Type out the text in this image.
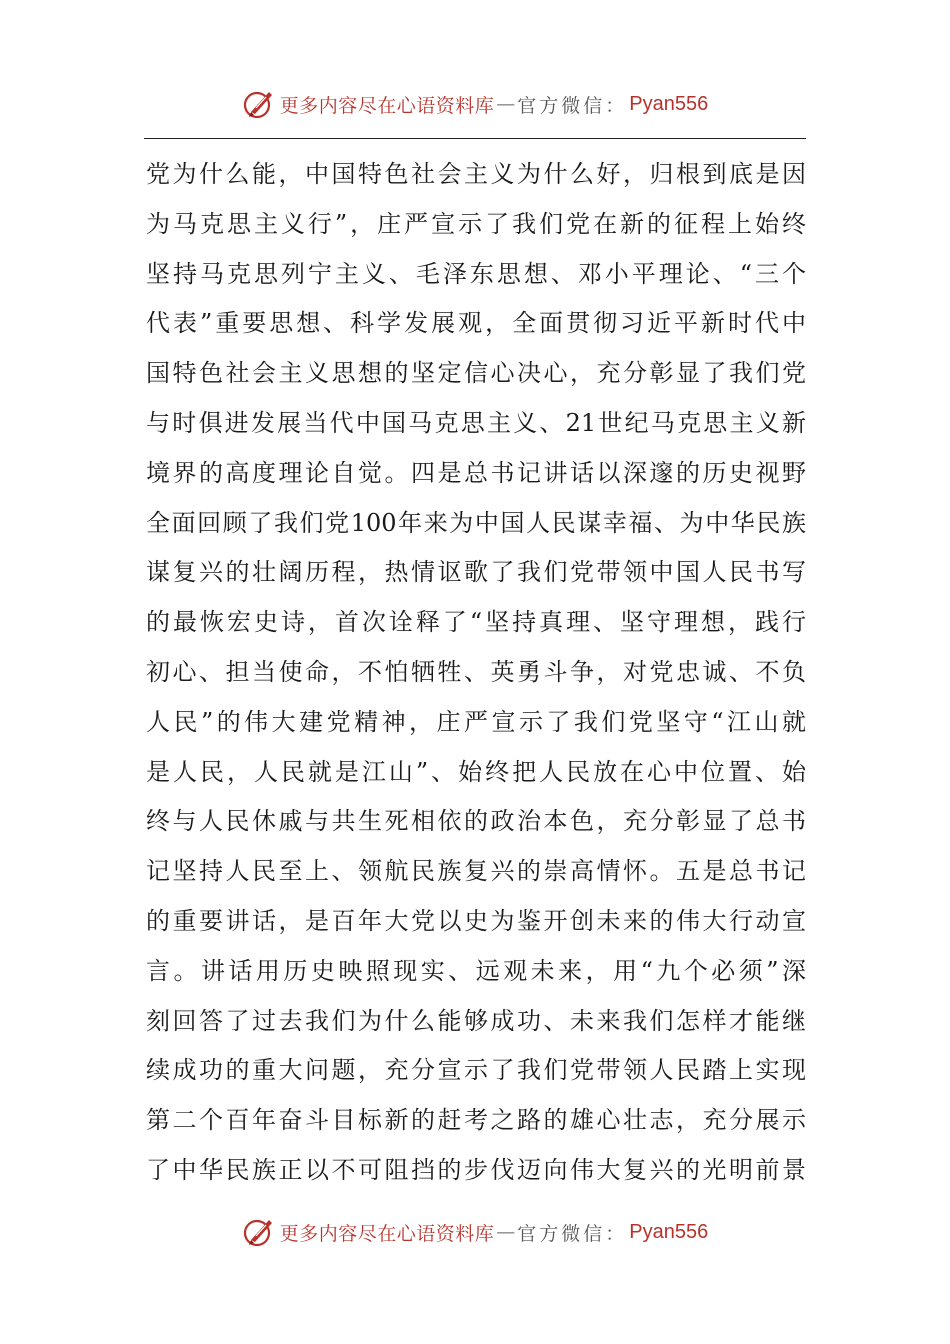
更多内容尽在心语资料库 — 官方微信： Pyan556
党为什么能，中国特色社会主义为什么好，归根到底是因
为马克思主义行”，庄严宣示了我们党在新的征程上始终
坚持马克思列宁主义、毛泽东思想、邓小平理论、“三个
代表”重要思想、科学发展观，全面贯彻习近平新时代中
国特色社会主义思想的坚定信心决心，充分彰显了我们党
与时俱进发展当代中国马克思主义、21世纪马克思主义新
境界的高度理论自觉。四是总书记讲话以深邃的历史视野
全面回顾了我们党100年来为中国人民谋幸福、为中华民族
谋复兴的壮阔历程，热情讴歌了我们党带领中国人民书写
的最恢宏史诗，首次诠释了“坚持真理、坚守理想，践行
初心、担当使命，不怕牺牲、英勇斗争，对党忠诚、不负
人民”的伟大建党精神，庄严宣示了我们党坚守“江山就
是人民，人民就是江山”、始终把人民放在心中位置、始
终与人民休戚与共生死相依的政治本色，充分彰显了总书
记坚持人民至上、领航民族复兴的崇高情怀。五是总书记
的重要讲话，是百年大党以史为鉴开创未来的伟大行动宣
言。讲话用历史映照现实、远观未来，用“九个必须”深
刻回答了过去我们为什么能够成功、未来我们怎样才能继
续成功的重大问题，充分宣示了我们党带领人民踏上实现
第二个百年奋斗目标新的赶考之路的雄心壮志，充分展示
了中华民族正以不可阻挡的步伐迈向伟大复兴的光明前景
更多内容尽在心语资料库 — 官方微信： Pyan556
